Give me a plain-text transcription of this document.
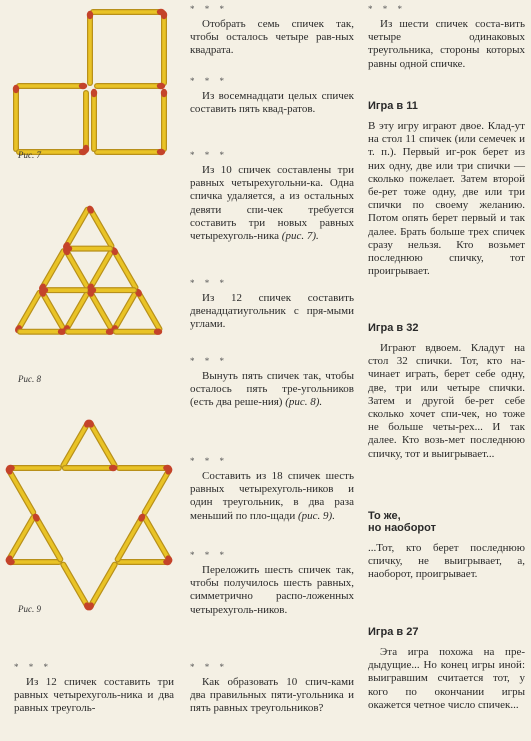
Рис. 7
Рис. 8
Рис. 9
* * *

Из 12 спичек составить три равных четырехуголь-ника и два равных треуголь-

* * *

Отобрать семь спичек так, чтобы осталось четыре рав-ных квадрата.

* * *

Из восемнадцати целых спичек составить пять квад-ратов.

* * *

Из 10 спичек составлены три равных четырехугольни-ка. Одна спичка удаляется, а из остальных девяти спи-чек требуется составить три новых равных четырехуголь-ника (рис. 7).

* * *

Из 12 спичек составить двенадцатиугольник с пря-мыми углами.

* * *

Вынуть пять спичек так, чтобы осталось пять тре-угольников (есть два реше-ния) (рис. 8).

* * *

Составить из 18 спичек шесть равных четырехуголь-ников и один треугольник, в два раза меньший по пло-щади (рис. 9).

* * *

Переложить шесть спичек так, чтобы получилось шесть равных, симметрично распо-ложенных четырехуголь-ников.

* * *

Как образовать 10 спич-ками два правильных пяти-угольника и пять равных треугольников?

* * *

Из шести спичек соста-вить четыре одинаковых треугольника, стороны которых равны одной спичке.

Игра в 11

В эту игру играют двое. Клад-ут на стол 11 спичек (или семечек и т. п.). Первый иг-рок берет из них одну, две или три спички — сколько пожелает. Затем второй бе-рет тоже одну, две или три спички по своему желанию. Потом опять берет первый и так далее. Брать больше трех спичек сразу нельзя. Кто возьмет последнюю спичку, тот проигрывает.

Игра в 32

Играют вдвоем. Кладут на стол 32 спички. Тот, кто на-чинает играть, берет себе одну, две, три или четыре спички. Затем и другой бе-рет себе сколько хочет спи-чек, но тоже не больше четы-рех... И так далее. Кто возь-мет последнюю спичку, тот и выигрывает...

То же,
но наоборот

...Тот, кто берет последнюю спичку, не выигрывает, а, наоборот, проигрывает.

Игра в 27

Эта игра похожа на пре-дыдущие... Но конец игры иной: выигравшим считается тот, у кого по окончании игры окажется четное число спичек...
